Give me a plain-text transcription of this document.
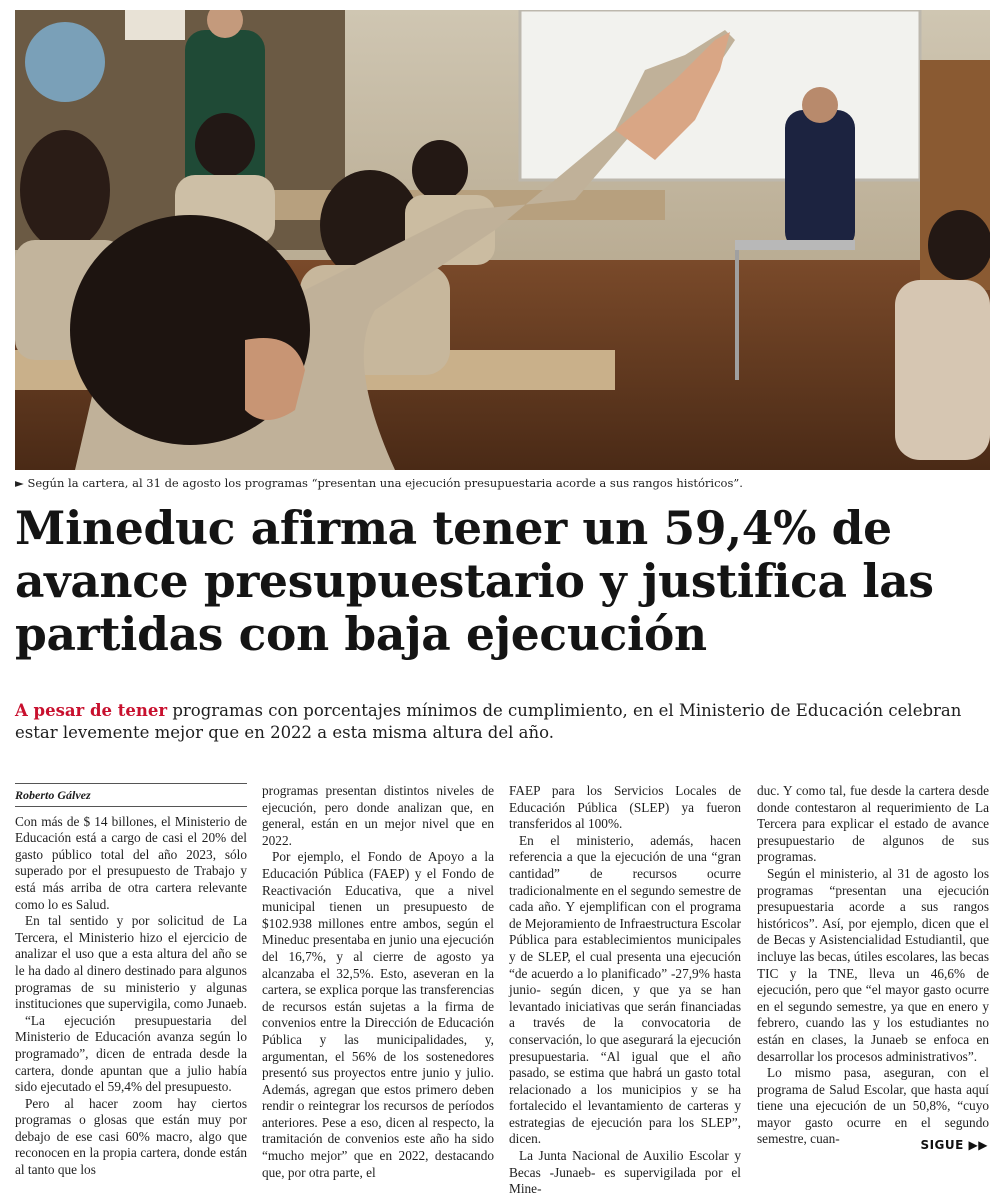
► Según la cartera, al 31 de agosto los programas “presentan una ejecución presupuestaria acorde a sus rangos históricos”.
Mineduc afirma tener un 59,4% de avance presupuestario y justifica las partidas con baja ejecución

A pesar de tener programas con porcentajes mínimos de cumplimiento, en el Ministerio de Educación celebran estar levemente mejor que en 2022 a esta misma altura del año.

Roberto Gálvez

Con más de $ 14 billones, el Ministerio de Educación está a cargo de casi el 20% del gasto público total del año 2023, sólo superado por el presupuesto de Trabajo y está más arriba de otra cartera relevante como lo es Salud.

En tal sentido y por solicitud de La Tercera, el Ministerio hizo el ejercicio de analizar el uso que a esta altura del año se le ha dado al dinero destinado para algunos programas de su ministerio y algunas instituciones que supervigila, como Junaeb.

“La ejecución presupuestaria del Ministerio de Educación avanza según lo programado”, dicen de entrada desde la cartera, donde apuntan que a julio había sido ejecutado el 59,4% del presupuesto.

Pero al hacer zoom hay ciertos programas o glosas que están muy por debajo de ese casi 60% macro, algo que reconocen en la propia cartera, donde están al tanto que los

programas presentan distintos niveles de ejecución, pero donde analizan que, en general, están en un mejor nivel que en 2022.

Por ejemplo, el Fondo de Apoyo a la Educación Pública (FAEP) y el Fondo de Reactivación Educativa, que a nivel municipal tienen un presupuesto de $102.938 millones entre ambos, según el Mineduc presentaba en junio una ejecución del 16,7%, y al cierre de agosto ya alcanzaba el 32,5%. Esto, aseveran en la cartera, se explica porque las transferencias de recursos están sujetas a la firma de convenios entre la Dirección de Educación Pública y las municipalidades, y, argumentan, el 56% de los sostenedores presentó sus proyectos entre junio y julio. Además, agregan que estos primero deben rendir o reintegrar los recursos de períodos anteriores. Pese a eso, dicen al respecto, la tramitación de convenios este año ha sido “mucho mejor” que en 2022, destacando que, por otra parte, el

FAEP para los Servicios Locales de Educación Pública (SLEP) ya fueron transferidos al 100%.

En el ministerio, además, hacen referencia a que la ejecución de una “gran cantidad” de recursos ocurre tradicionalmente en el segundo semestre de cada año. Y ejemplifican con el programa de Mejoramiento de Infraestructura Escolar Pública para establecimientos municipales y de SLEP, el cual presenta una ejecución “de acuerdo a lo planificado” -27,9% hasta junio- según dicen, y que ya se han levantado iniciativas que serán financiadas a través de la convocatoria de conservación, lo que asegurará la ejecución presupuestaria. “Al igual que el año pasado, se estima que habrá un gasto total relacionado a los municipios y se ha fortalecido el levantamiento de carteras y estrategias de ejecución para los SLEP”, dicen.

La Junta Nacional de Auxilio Escolar y Becas -Junaeb- es supervigilada por el Mine-

duc. Y como tal, fue desde la cartera desde donde contestaron al requerimiento de La Tercera para explicar el estado de avance presupuestario de algunos de sus programas.

Según el ministerio, al 31 de agosto los programas “presentan una ejecución presupuestaria acorde a sus rangos históricos”. Así, por ejemplo, dicen que el de Becas y Asistencialidad Estudiantil, que incluye las becas, útiles escolares, las becas TIC y la TNE, lleva un 46,6% de ejecución, pero que “el mayor gasto ocurre en el segundo semestre, ya que en enero y febrero, cuando las y los estudiantes no están en clases, la Junaeb se enfoca en desarrollar los procesos administrativos”.

Lo mismo pasa, aseguran, con el programa de Salud Escolar, que hasta aquí tiene una ejecución de un 50,8%, “cuyo mayor gasto ocurre en el segundo semestre, cuan-	SIGUE ▶▶
